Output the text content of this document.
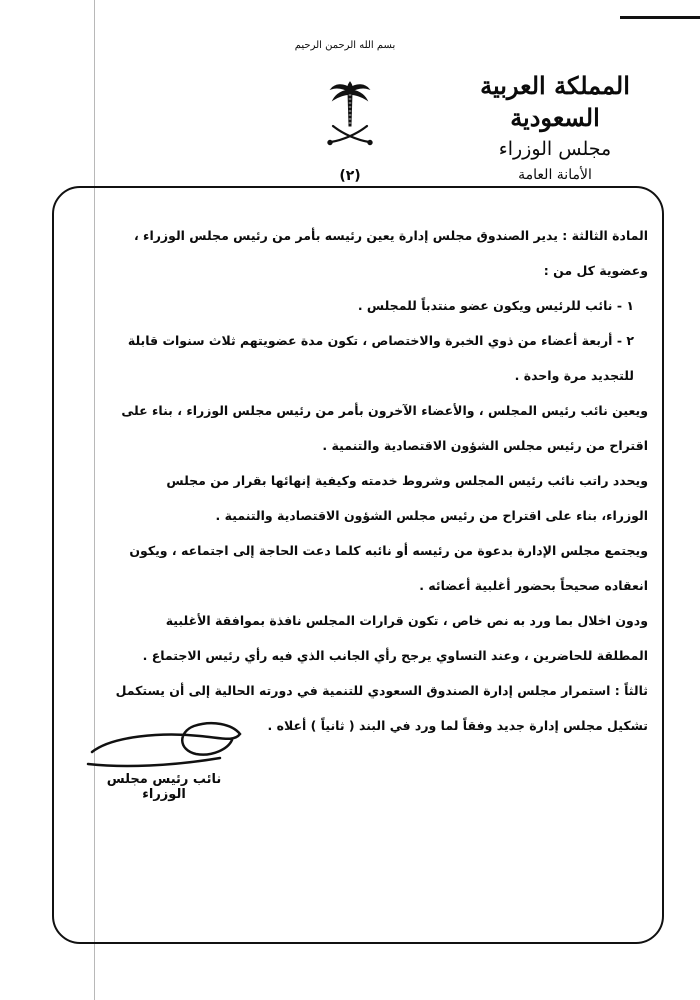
بسم الله الرحمن الرحيم
المملكة العربية السعودية
مجلس الوزراء
الأمانة العامة
(٢)
المادة الثالثة : يدير الصندوق مجلس إدارة يعين رئيسه بأمر من رئيس مجلس الوزراء ،
وعضوية كل من :
١ - نائب للرئيس ويكون عضو منتدباً للمجلس .
٢ - أربعة أعضاء من ذوي الخبرة والاختصاص ، تكون مدة عضويتهم ثلاث سنوات قابلة
للتجديد مرة واحدة .
ويعين نائب رئيس المجلس ، والأعضاء الآخرون بأمر من رئيس مجلس الوزراء ، بناء على
اقتراح من رئيس مجلس الشؤون الاقتصادية والتنمية .
ويحدد راتب نائب رئيس المجلس وشروط خدمته وكيفية إنهائها بقرار من مجلس
الوزراء، بناء على اقتراح من رئيس مجلس الشؤون الاقتصادية والتنمية .
ويجتمع مجلس الإدارة بدعوة من رئيسه أو نائبه كلما دعت الحاجة إلى اجتماعه ، ويكون
انعقاده صحيحاً بحضور أغلبية أعضائه .
ودون اخلال بما ورد به نص خاص ، تكون قرارات المجلس نافذة بموافقة الأغلبية
المطلقة للحاضرين ، وعند التساوي يرجح رأي الجانب الذي فيه رأي رئيس الاجتماع .
ثالثاً : استمرار مجلس إدارة الصندوق السعودي للتنمية في دورته الحالية إلى أن يستكمل
تشكيل مجلس إدارة جديد وفقاً لما ورد في البند ( ثانياً ) أعلاه .
نائب رئيس مجلس الوزراء
